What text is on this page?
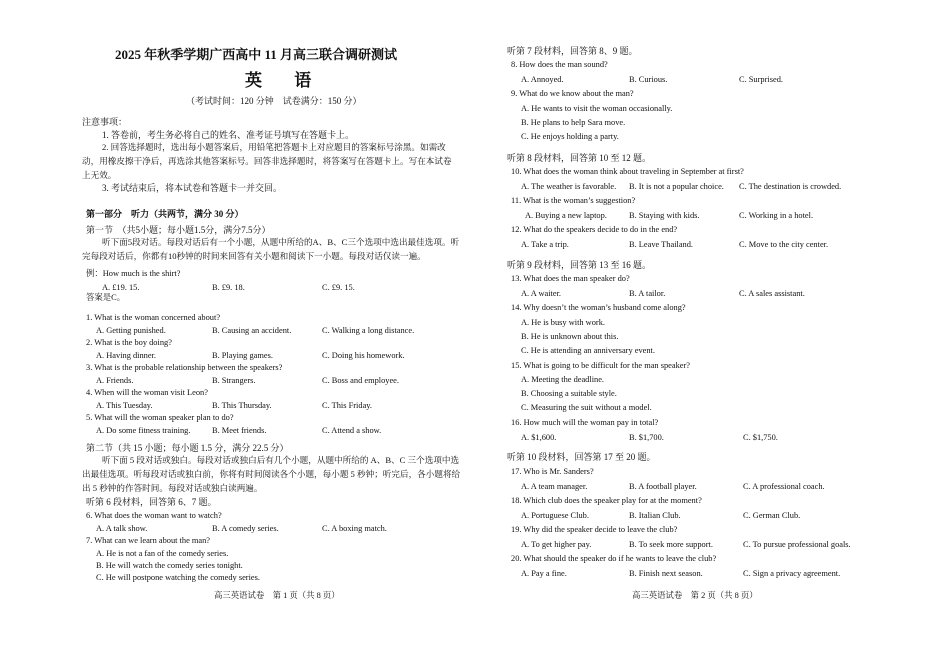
2025 年秋季学期广西高中 11 月高三联合调研测试
英 语
（考试时间：120 分钟　试卷满分：150 分）
注意事项：
1. 答卷前，考生务必将自己的姓名、准考证号填写在答题卡上。
2. 回答选择题时，选出每小题答案后，用铅笔把答题卡上对应题目的答案标号涂黑。如需改动，用橡皮擦干净后，再选涂其他答案标号。回答非选择题时，将答案写在答题卡上。写在本试卷上无效。
3. 考试结束后，将本试卷和答题卡一并交回。
第一部分　听力（共两节，满分 30 分）
第一节　（共5小题；每小题1.5分，满分7.5分）
听下面5段对话。每段对话后有一个小题，从题中所给的A、B、C三个选项中选出最佳选项。听完每段对话后，你都有10秒钟的时间来回答有关小题和阅读下一小题。每段对话仅读一遍。
例：How much is the shirt?
A. £19. 15.	B. £9. 18.	C. £9. 15.
答案是C。
1. What is the woman concerned about?
A. Getting punished.	B. Causing an accident.	C. Walking a long distance.
2. What is the boy doing?
A. Having dinner.	B. Playing games.	C. Doing his homework.
3. What is the probable relationship between the speakers?
A. Friends.	B. Strangers.	C. Boss and employee.
4. When will the woman visit Leon?
A. This Tuesday.	B. This Thursday.	C. This Friday.
5. What will the woman speaker plan to do?
A. Do some fitness training.	B. Meet friends.	C. Attend a show.
第二节（共 15 小题；每小题 1.5 分，满分 22.5 分）
听下面 5 段对话或独白。每段对话或独白后有几个小题，从题中所给的 A、B、C 三个选项中选出最佳选项。听每段对话或独白前，你将有时间阅读各个小题，每小题 5 秒钟；听完后，各小题将给出 5 秒钟的作答时间。每段对话或独白读两遍。
听第 6 段材料，回答第 6、7 题。
6. What does the woman want to watch?
A. A talk show.	B. A comedy series.	C. A boxing match.
7. What can we learn about the man?
A. He is not a fan of the comedy series.
B. He will watch the comedy series tonight.
C. He will postpone watching the comedy series.
高三英语试卷　第 1 页（共 8 页）
听第 7 段材料，回答第 8、9 题。
8. How does the man sound?
A. Annoyed.	B. Curious.	C. Surprised.
9. What do we know about the man?
A. He wants to visit the woman occasionally.
B. He plans to help Sara move.
C. He enjoys holding a party.
听第 8 段材料，回答第 10 至 12 题。
10. What does the woman think about traveling in September at first?
A. The weather is favorable. B. It is not a popular choice. C. The destination is crowded.
11. What is the woman’s suggestion?
A. Buying a new laptop.	B. Staying with kids.	C. Working in a hotel.
12. What do the speakers decide to do in the end?
A. Take a trip.	B. Leave Thailand.	C. Move to the city center.
听第 9 段材料，回答第 13 至 16 题。
13. What does the man speaker do?
A. A waiter.	B. A tailor.	C. A sales assistant.
14. Why doesn’t the woman’s husband come along?
A. He is busy with work.
B. He is unknown about this.
C. He is attending an anniversary event.
15. What is going to be difficult for the man speaker?
A. Meeting the deadline.
B. Choosing a suitable style.
C. Measuring the suit without a model.
16. How much will the woman pay in total?
A. $1,600.	B. $1,700.	C. $1,750.
听第 10 段材料，回答第 17 至 20 题。
17. Who is Mr. Sanders?
A. A team manager.	B. A football player.	C. A professional coach.
18. Which club does the speaker play for at the moment?
A. Portuguese Club.	B. Italian Club.	C. German Club.
19. Why did the speaker decide to leave the club?
A. To get higher pay.	B. To seek more support.	C. To pursue professional goals.
20. What should the speaker do if he wants to leave the club?
A. Pay a fine.	B. Finish next season.	C. Sign a privacy agreement.
高三英语试卷　第 2 页（共 8 页）
